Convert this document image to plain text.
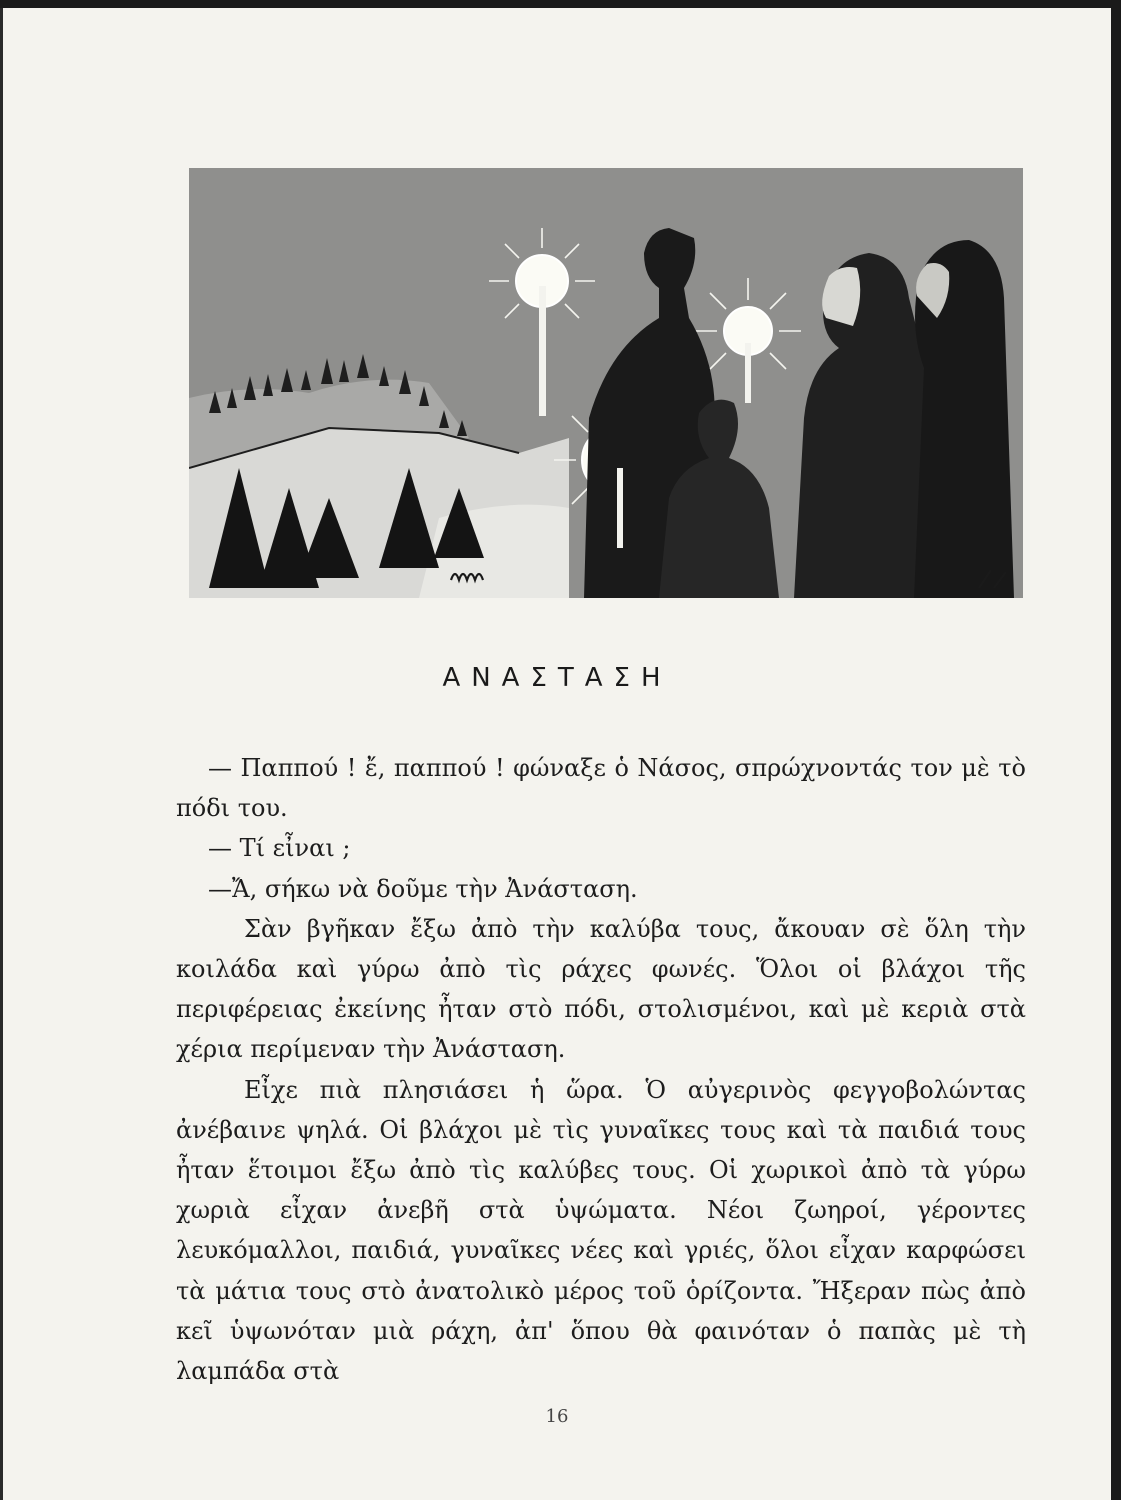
ΑΝΑΣΤΑΣΗ

— Παππού ! ἔ, παππού ! φώναξε ὁ Νάσος, σπρώχνοντάς τον μὲ τὸ πόδι του.

— Τί εἶναι ;

—Ἄ, σήκω νὰ δοῦμε τὴν Ἀνάσταση.

Σὰν βγῆκαν ἔξω ἀπὸ τὴν καλύβα τους, ἄκουαν σὲ ὅλη τὴν κοιλάδα καὶ γύρω ἀπὸ τὶς ράχες φωνές. Ὅλοι οἱ βλάχοι τῆς περιφέρειας ἐκείνης ἦταν στὸ πόδι, στολισμένοι, καὶ μὲ κεριὰ στὰ χέρια περίμεναν τὴν Ἀνάσταση.

Εἶχε πιὰ πλησιάσει ἡ ὥρα. Ὁ αὐγερινὸς φεγγοβολώντας ἀνέβαινε ψηλά. Οἱ βλάχοι μὲ τὶς γυναῖκες τους καὶ τὰ παιδιά τους ἦταν ἕτοιμοι ἔξω ἀπὸ τὶς καλύβες τους. Οἱ χωρικοὶ ἀπὸ τὰ γύρω χωριὰ εἶχαν ἀνεβῆ στὰ ὑψώματα. Νέοι ζωηροί, γέροντες λευκόμαλλοι, παιδιά, γυναῖκες νέες καὶ γριές, ὅλοι εἶχαν καρφώσει τὰ μάτια τους στὸ ἀνατολικὸ μέρος τοῦ ὁρίζοντα. Ἤξεραν πὼς ἀπὸ κεῖ ὑψωνόταν μιὰ ράχη, ἀπ' ὅπου θὰ φαινόταν ὁ παπὰς μὲ τὴ λαμπάδα στὰ

16
